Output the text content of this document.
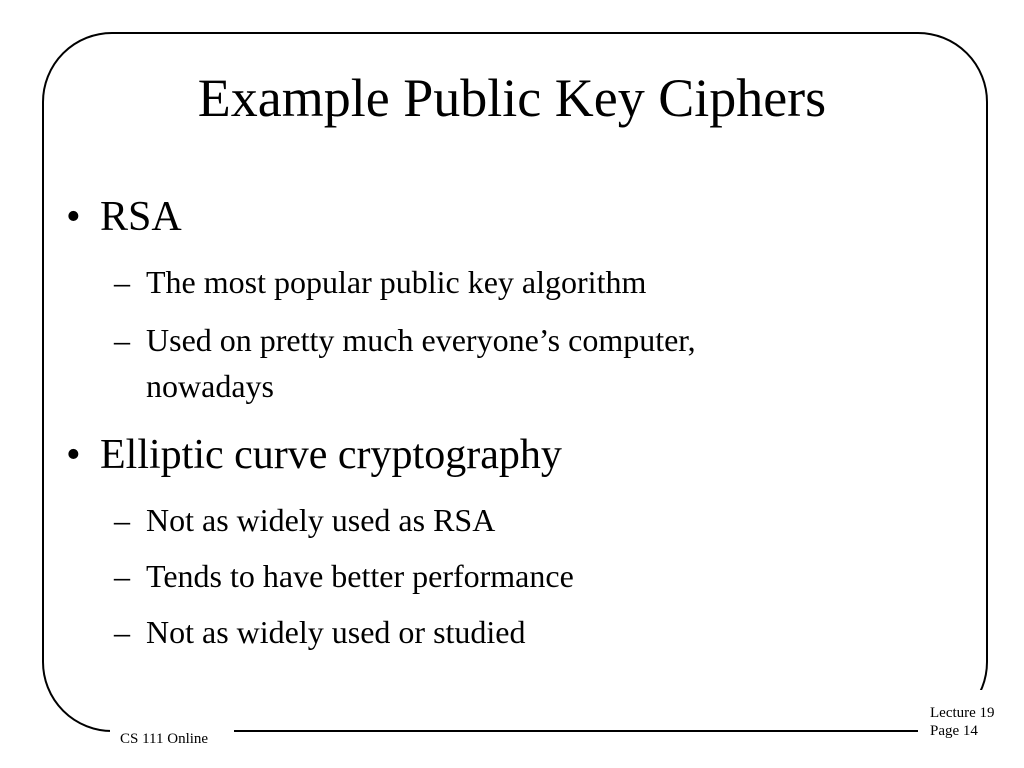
Example Public Key Ciphers
• RSA
– The most popular public key algorithm
– Used on pretty much everyone’s computer,
nowadays
• Elliptic curve cryptography
– Not as widely used as RSA
– Tends to have better performance
– Not as widely used or studied
CS 111 Online
Lecture 19
Page 14
